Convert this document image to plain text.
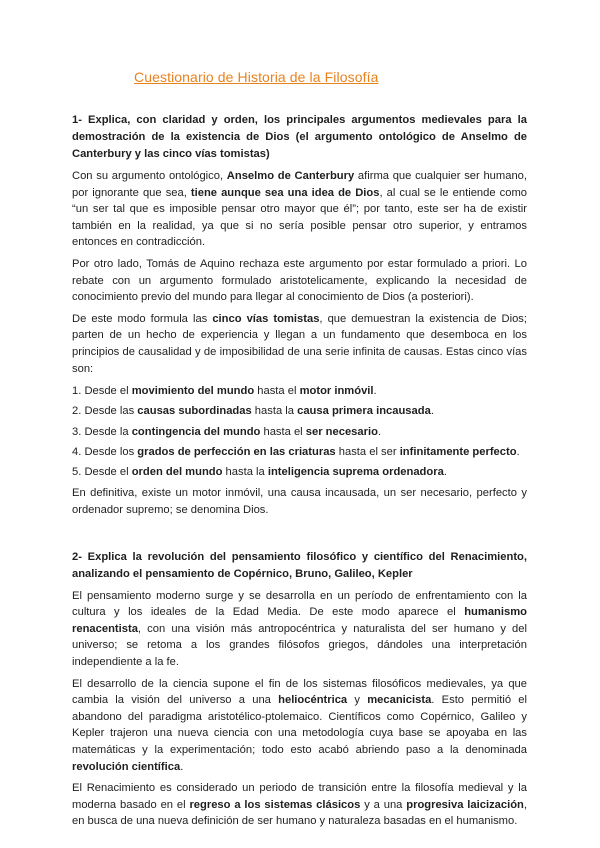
Cuestionario de Historia de la Filosofía
1- Explica, con claridad y orden, los principales argumentos medievales para la demostración de la existencia de Dios (el argumento ontológico de Anselmo de Canterbury y las cinco vías tomistas)

Con su argumento ontológico, Anselmo de Canterbury afirma que cualquier ser humano, por ignorante que sea, tiene aunque sea una idea de Dios, al cual se le entiende como “un ser tal que es imposible pensar otro mayor que él”; por tanto, este ser ha de existir también en la realidad, ya que si no sería posible pensar otro superior, y entramos entonces en contradicción.

Por otro lado, Tomás de Aquino rechaza este argumento por estar formulado a priori. Lo rebate con un argumento formulado aristotelicamente, explicando la necesidad de conocimiento previo del mundo para llegar al conocimiento de Dios (a posteriori).

De este modo formula las cinco vías tomistas, que demuestran la existencia de Dios; parten de un hecho de experiencia y llegan a un fundamento que desemboca en los principios de causalidad y de imposibilidad de una serie infinita de causas. Estas cinco vías son:

1. Desde el movimiento del mundo hasta el motor inmóvil.
2. Desde las causas subordinadas hasta la causa primera incausada.
3. Desde la contingencia del mundo hasta el ser necesario.
4. Desde los grados de perfección en las criaturas hasta el ser infinitamente perfecto.
5. Desde el orden del mundo hasta la inteligencia suprema ordenadora.

En definitiva, existe un motor inmóvil, una causa incausada, un ser necesario, perfecto y ordenador supremo; se denomina Dios.

2- Explica la revolución del pensamiento filosófico y científico del Renacimiento, analizando el pensamiento de Copérnico, Bruno, Galileo, Kepler

El pensamiento moderno surge y se desarrolla en un período de enfrentamiento con la cultura y los ideales de la Edad Media. De este modo aparece el humanismo renacentista, con una visión más antropocéntrica y naturalista del ser humano y del universo; se retoma a los grandes filósofos griegos, dándoles una interpretación independiente a la fe.

El desarrollo de la ciencia supone el fin de los sistemas filosóficos medievales, ya que cambia la visión del universo a una heliocéntrica y mecanicista. Esto permitió el abandono del paradigma aristotélico-ptolemaico. Científicos como Copérnico, Galileo y Kepler trajeron una nueva ciencia con una metodología cuya base se apoyaba en las matemáticas y la experimentación; todo esto acabó abriendo paso a la denominada revolución científica.

El Renacimiento es considerado un periodo de transición entre la filosofía medieval y la moderna basado en el regreso a los sistemas clásicos y a una progresiva laicización, en busca de una nueva definición de ser humano y naturaleza basadas en el humanismo.
